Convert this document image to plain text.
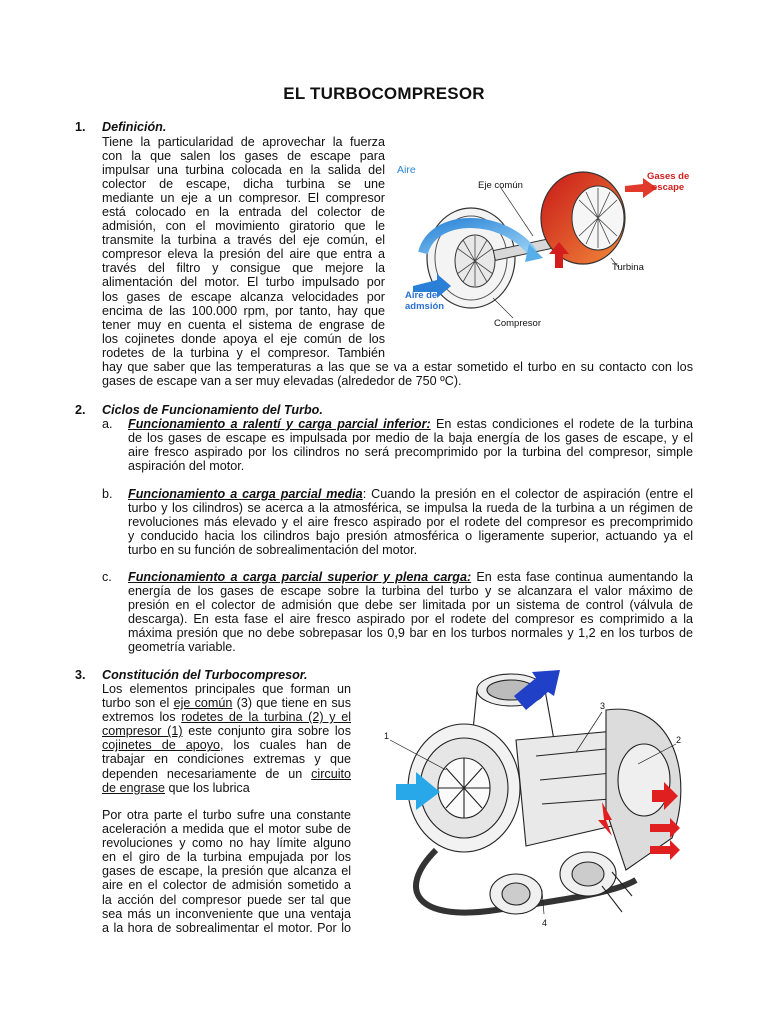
EL TURBOCOMPRESOR
1. Definición.
Tiene la particularidad de aprovechar la fuerza
con la que salen los gases de escape para
impulsar una turbina colocada en la salida del
colector de escape, dicha turbina se une
mediante un eje a un compresor. El compresor
está colocado en la entrada del colector de
admisión, con el movimiento giratorio que le
transmite la turbina a través del eje común, el
compresor eleva la presión del aire que entra a
través del filtro y consigue que mejore la
alimentación del motor. El turbo impulsado por
los gases de escape alcanza velocidades por
encima de las 100.000 rpm, por tanto, hay que
tener muy en cuenta el sistema de engrase de
los cojinetes donde apoya el eje común de los
rodetes de la turbina y el compresor. También
hay que saber que las temperaturas a las que se va a estar sometido el turbo en su contacto con los
gases de escape van a ser muy elevadas (alrededor de 750 ºC).
Aire
Eje común
Gases de
escape
Turbina
Aire de
admsión
Compresor
2. Ciclos de Funcionamiento del Turbo.
a. Funcionamiento a ralentí y carga parcial inferior: En estas condiciones el rodete de la turbina
de los gases de escape es impulsada por medio de la baja energía de los gases de escape, y el
aire fresco aspirado por los cilindros no será precomprimido por la turbina del compresor, simple
aspiración del motor.
b. Funcionamiento a carga parcial media: Cuando la presión en el colector de aspiración (entre el
turbo y los cilindros) se acerca a la atmosférica, se impulsa la rueda de la turbina a un régimen de
revoluciones más elevado y el aire fresco aspirado por el rodete del compresor es precomprimido
y conducido hacia los cilindros bajo presión atmosférica o ligeramente superior, actuando ya el
turbo en su función de sobrealimentación del motor.
c. Funcionamiento a carga parcial superior y plena carga: En esta fase continua aumentando la
energía de los gases de escape sobre la turbina del turbo y se alcanzara el valor máximo de
presión en el colector de admisión que debe ser limitada por un sistema de control (válvula de
descarga). En esta fase el aire fresco aspirado por el rodete del compresor es comprimido a la
máxima presión que no debe sobrepasar los 0,9 bar en los turbos normales y 1,2 en los turbos de
geometría variable.
3. Constitución del Turbocompresor.
Los elementos principales que forman un
turbo son el eje común (3) que tiene en sus
extremos los rodetes de la turbina (2) y el
compresor (1) este conjunto gira sobre los
cojinetes de apoyo, los cuales han de
trabajar en condiciones extremas y que
dependen necesariamente de un circuito
de engrase que los lubrica
Por otra parte el turbo sufre una constante
aceleración a medida que el motor sube de
revoluciones y como no hay límite alguno
en el giro de la turbina empujada por los
gases de escape, la presión que alcanza el
aire en el colector de admisión sometido a
la acción del compresor puede ser tal que
sea más un inconveniente que una ventaja
a la hora de sobrealimentar el motor. Por lo
1	2
3
4
